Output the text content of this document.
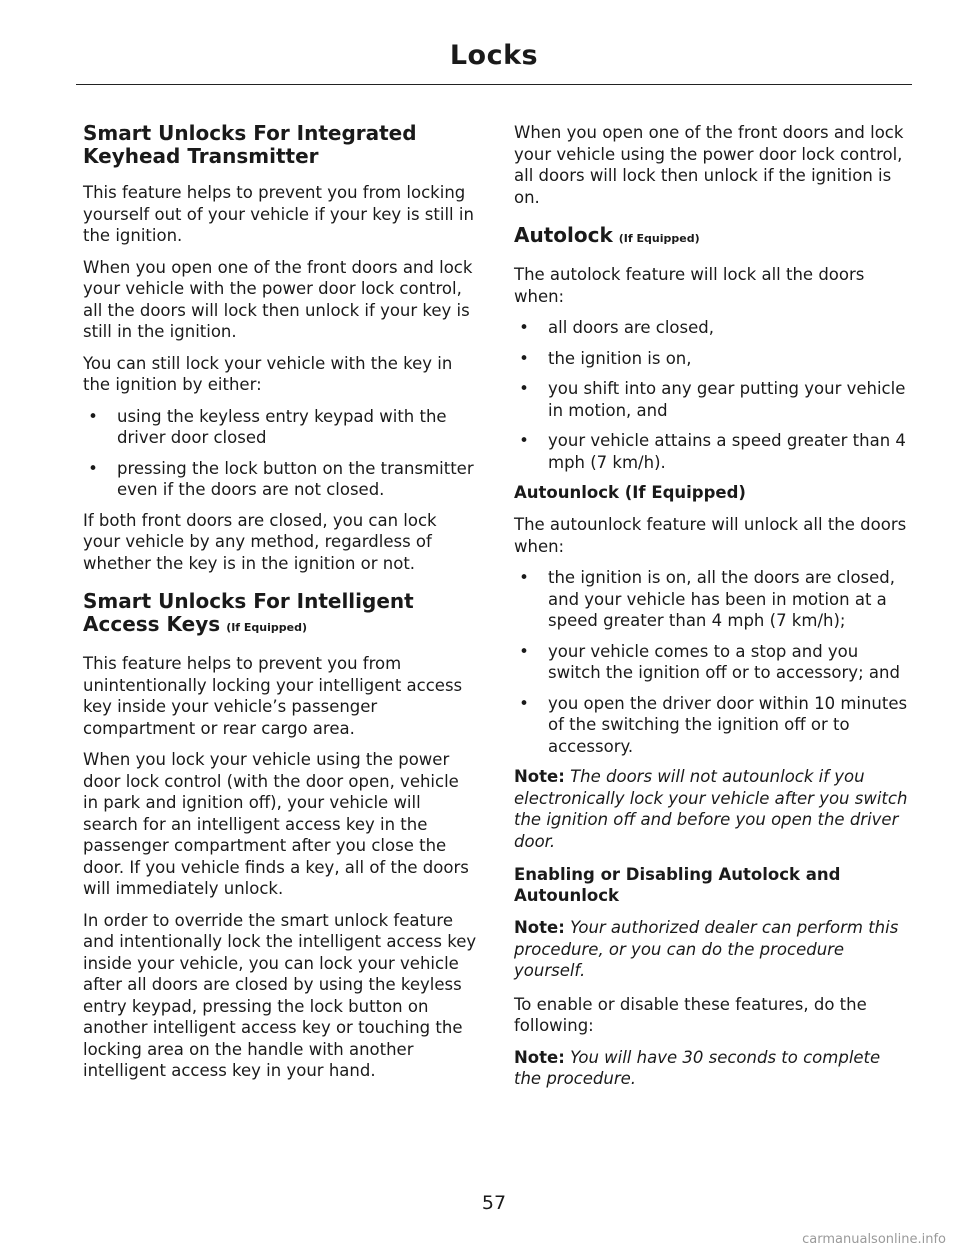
Locks
Smart Unlocks For Integrated
Keyhead Transmitter

This feature helps to prevent you from locking yourself out of your vehicle if your key is still in the ignition.

When you open one of the front doors and lock your vehicle with the power door lock control, all the doors will lock then unlock if your key is still in the ignition.

You can still lock your vehicle with the key in the ignition by either:

•	using the keyless entry keypad with the driver door closed

•	pressing the lock button on the transmitter even if the doors are not closed.

If both front doors are closed, you can lock your vehicle by any method, regardless of whether the key is in the ignition or not.

Smart Unlocks For Intelligent
Access Keys (If Equipped)

This feature helps to prevent you from unintentionally locking your intelligent access key inside your vehicle’s passenger compartment or rear cargo area.

When you lock your vehicle using the power door lock control (with the door open, vehicle in park and ignition off), your vehicle will search for an intelligent access key in the passenger compartment after you close the door. If you vehicle finds a key, all of the doors will immediately unlock.

In order to override the smart unlock feature and intentionally lock the intelligent access key inside your vehicle, you can lock your vehicle after all doors are closed by using the keyless entry keypad, pressing the lock button on another intelligent access key or touching the locking area on the handle with another intelligent access key in your hand.

When you open one of the front doors and lock your vehicle using the power door lock control, all doors will lock then unlock if the ignition is on.

Autolock (If Equipped)

The autolock feature will lock all the doors when:

•	all doors are closed,

•	the ignition is on,

•	you shift into any gear putting your vehicle in motion, and

•	your vehicle attains a speed greater than 4 mph (7 km/h).

Autounlock (If Equipped)

The autounlock feature will unlock all the doors when:

•	the ignition is on, all the doors are closed, and your vehicle has been in motion at a speed greater than 4 mph (7 km/h);

•	your vehicle comes to a stop and you switch the ignition off or to accessory; and

•	you open the driver door within 10 minutes of the switching the ignition off or to accessory.

Note: The doors will not autounlock if you electronically lock your vehicle after you switch the ignition off and before you open the driver door.

Enabling or Disabling Autolock and Autounlock

Note: Your authorized dealer can perform this procedure, or you can do the procedure yourself.

To enable or disable these features, do the following:

Note: You will have 30 seconds to complete the procedure.

57
carmanualsonline.info
